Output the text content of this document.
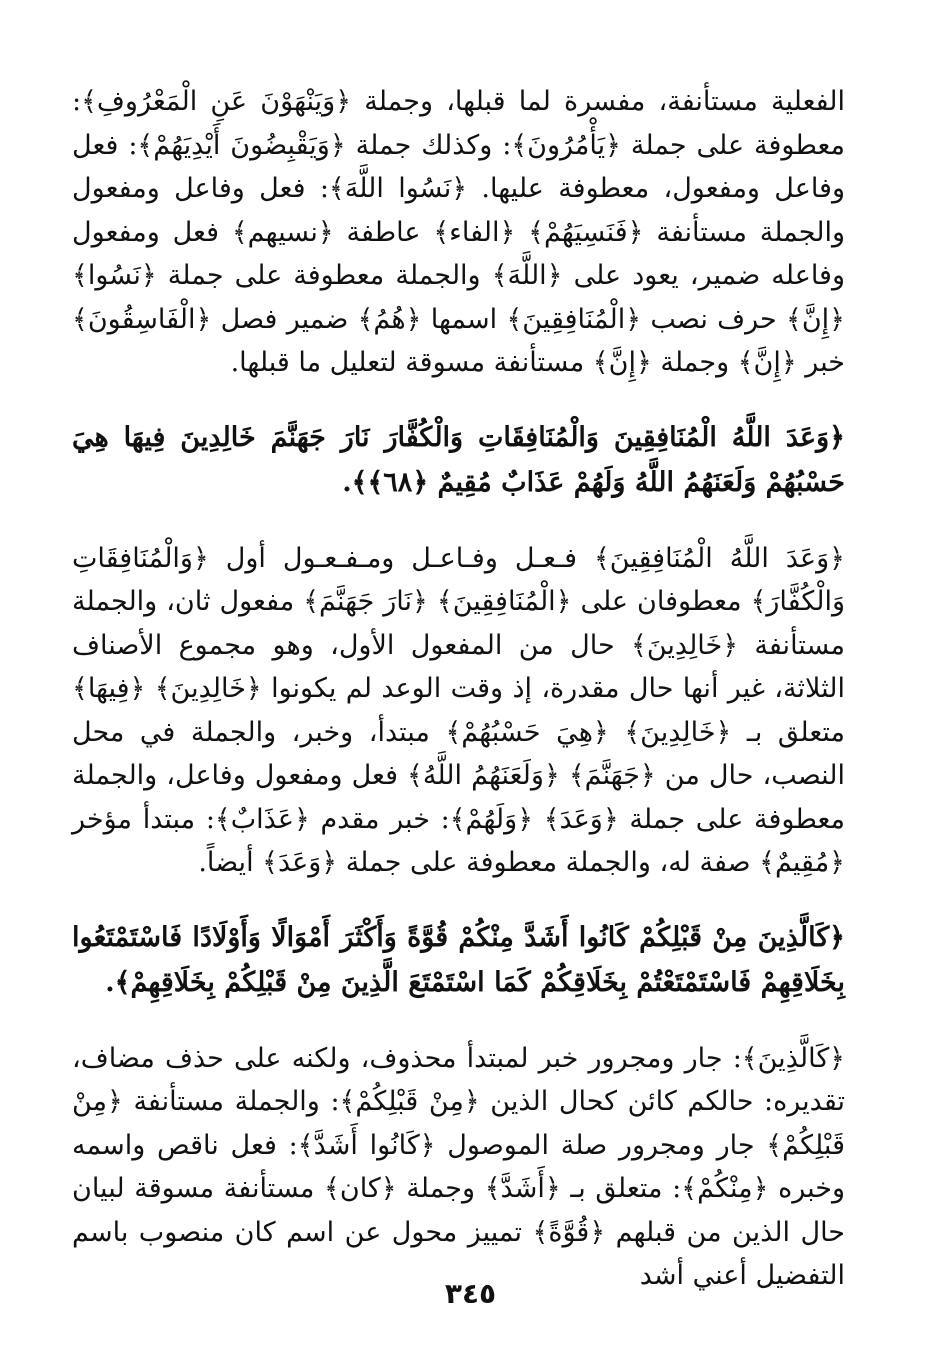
الفعلية مستأنفة، مفسرة لما قبلها، وجملة ﴿وَيَنْهَوْنَ عَنِ الْمَعْرُوفِ﴾: معطوفة على جملة ﴿يَأْمُرُونَ﴾: وكذلك جملة ﴿وَيَقْبِضُونَ أَيْدِيَهُمْ﴾: فعل وفاعل ومفعول، معطوفة عليها. ﴿نَسُوا اللَّهَ﴾: فعل وفاعل ومفعول والجملة مستأنفة ﴿فَنَسِيَهُمْ﴾ ﴿الفاء﴾ عاطفة ﴿نسيهم﴾ فعل ومفعول وفاعله ضمير، يعود على ﴿اللَّهَ﴾ والجملة معطوفة على جملة ﴿نَسُوا﴾ ﴿إِنَّ﴾ حرف نصب ﴿الْمُنَافِقِينَ﴾ اسمها ﴿هُمُ﴾ ضمير فصل ﴿الْفَاسِقُونَ﴾ خبر ﴿إِنَّ﴾ وجملة ﴿إِنَّ﴾ مستأنفة مسوقة لتعليل ما قبلها.

﴿وَعَدَ اللَّهُ الْمُنَافِقِينَ وَالْمُنَافِقَاتِ وَالْكُفَّارَ نَارَ جَهَنَّمَ خَالِدِينَ فِيهَا هِيَ حَسْبُهُمْ وَلَعَنَهُمُ اللَّهُ وَلَهُمْ عَذَابٌ مُقِيمٌ ﴿٦٨﴾﴾.

﴿وَعَدَ اللَّهُ الْمُنَافِقِينَ﴾ فـعـل وفـاعـل ومـفـعـول أول ﴿وَالْمُنَافِقَاتِ وَالْكُفَّارَ﴾ معطوفان على ﴿الْمُنَافِقِينَ﴾ ﴿نَارَ جَهَنَّمَ﴾ مفعول ثان، والجملة مستأنفة ﴿خَالِدِينَ﴾ حال من المفعول الأول، وهو مجموع الأصناف الثلاثة، غير أنها حال مقدرة، إذ وقت الوعد لم يكونوا ﴿خَالِدِينَ﴾ ﴿فِيهَا﴾ متعلق بـ ﴿خَالِدِينَ﴾ ﴿هِيَ حَسْبُهُمْ﴾ مبتدأ، وخبر، والجملة في محل النصب، حال من ﴿جَهَنَّمَ﴾ ﴿وَلَعَنَهُمُ اللَّهُ﴾ فعل ومفعول وفاعل، والجملة معطوفة على جملة ﴿وَعَدَ﴾ ﴿وَلَهُمْ﴾: خبر مقدم ﴿عَذَابٌ﴾: مبتدأ مؤخر ﴿مُقِيمٌ﴾ صفة له، والجملة معطوفة على جملة ﴿وَعَدَ﴾ أيضاً.

﴿كَالَّذِينَ مِنْ قَبْلِكُمْ كَانُوا أَشَدَّ مِنْكُمْ قُوَّةً وَأَكْثَرَ أَمْوَالًا وَأَوْلَادًا فَاسْتَمْتَعُوا بِخَلَاقِهِمْ فَاسْتَمْتَعْتُمْ بِخَلَاقِكُمْ كَمَا اسْتَمْتَعَ الَّذِينَ مِنْ قَبْلِكُمْ بِخَلَاقِهِمْ﴾.

﴿كَالَّذِينَ﴾: جار ومجرور خبر لمبتدأ محذوف، ولكنه على حذف مضاف، تقديره: حالكم كائن كحال الذين ﴿مِنْ قَبْلِكُمْ﴾: والجملة مستأنفة ﴿مِنْ قَبْلِكُمْ﴾ جار ومجرور صلة الموصول ﴿كَانُوا أَشَدَّ﴾: فعل ناقص واسمه وخبره ﴿مِنْكُمْ﴾: متعلق بـ ﴿أَشَدَّ﴾ وجملة ﴿كان﴾ مستأنفة مسوقة لبيان حال الذين من قبلهم ﴿قُوَّةً﴾ تمييز محول عن اسم كان منصوب باسم التفضيل أعني أشد

٣٤٥
